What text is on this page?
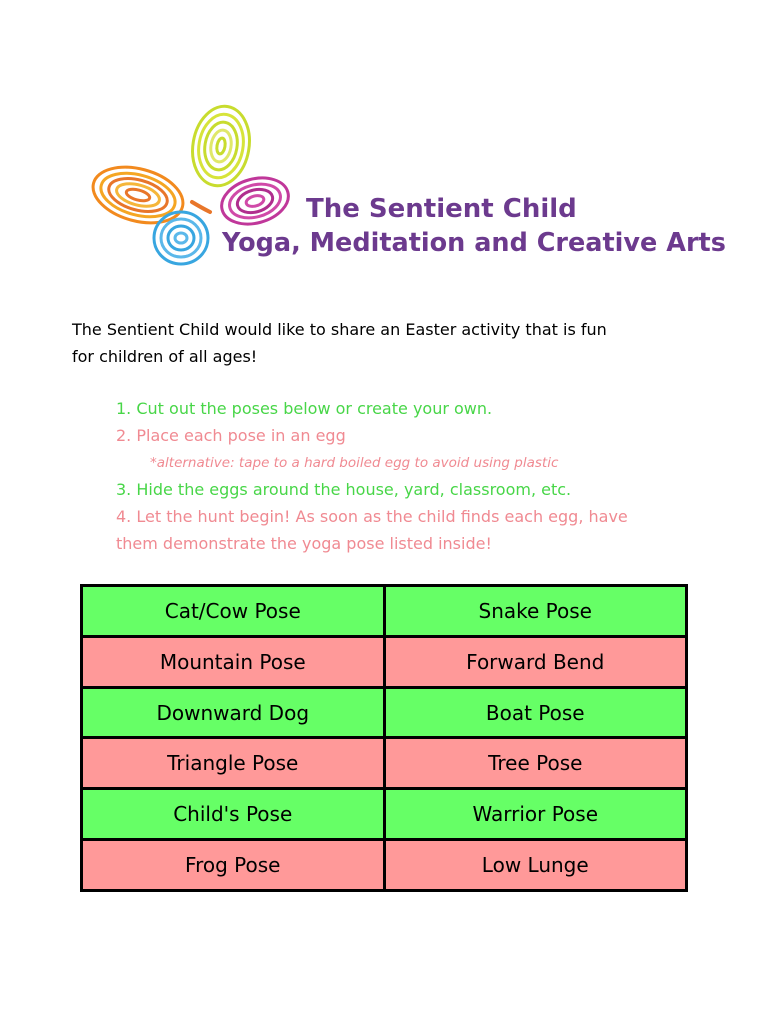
The Sentient Child
Yoga, Meditation and Creative Arts
The Sentient Child would like to share an Easter activity that is fun
for children of all ages!
1. Cut out the poses below or create your own.
2. Place each pose in an egg
*alternative: tape to a hard boiled egg to avoid using plastic
3. Hide the eggs around the house, yard, classroom, etc.
4. Let the hunt begin! As soon as the child finds each egg, have
them demonstrate the yoga pose listed inside!
Cat/Cow Pose	Snake Pose
Mountain Pose	Forward Bend
Downward Dog	Boat Pose
Triangle Pose	Tree Pose
Child's Pose	Warrior Pose
Frog Pose	Low Lunge
